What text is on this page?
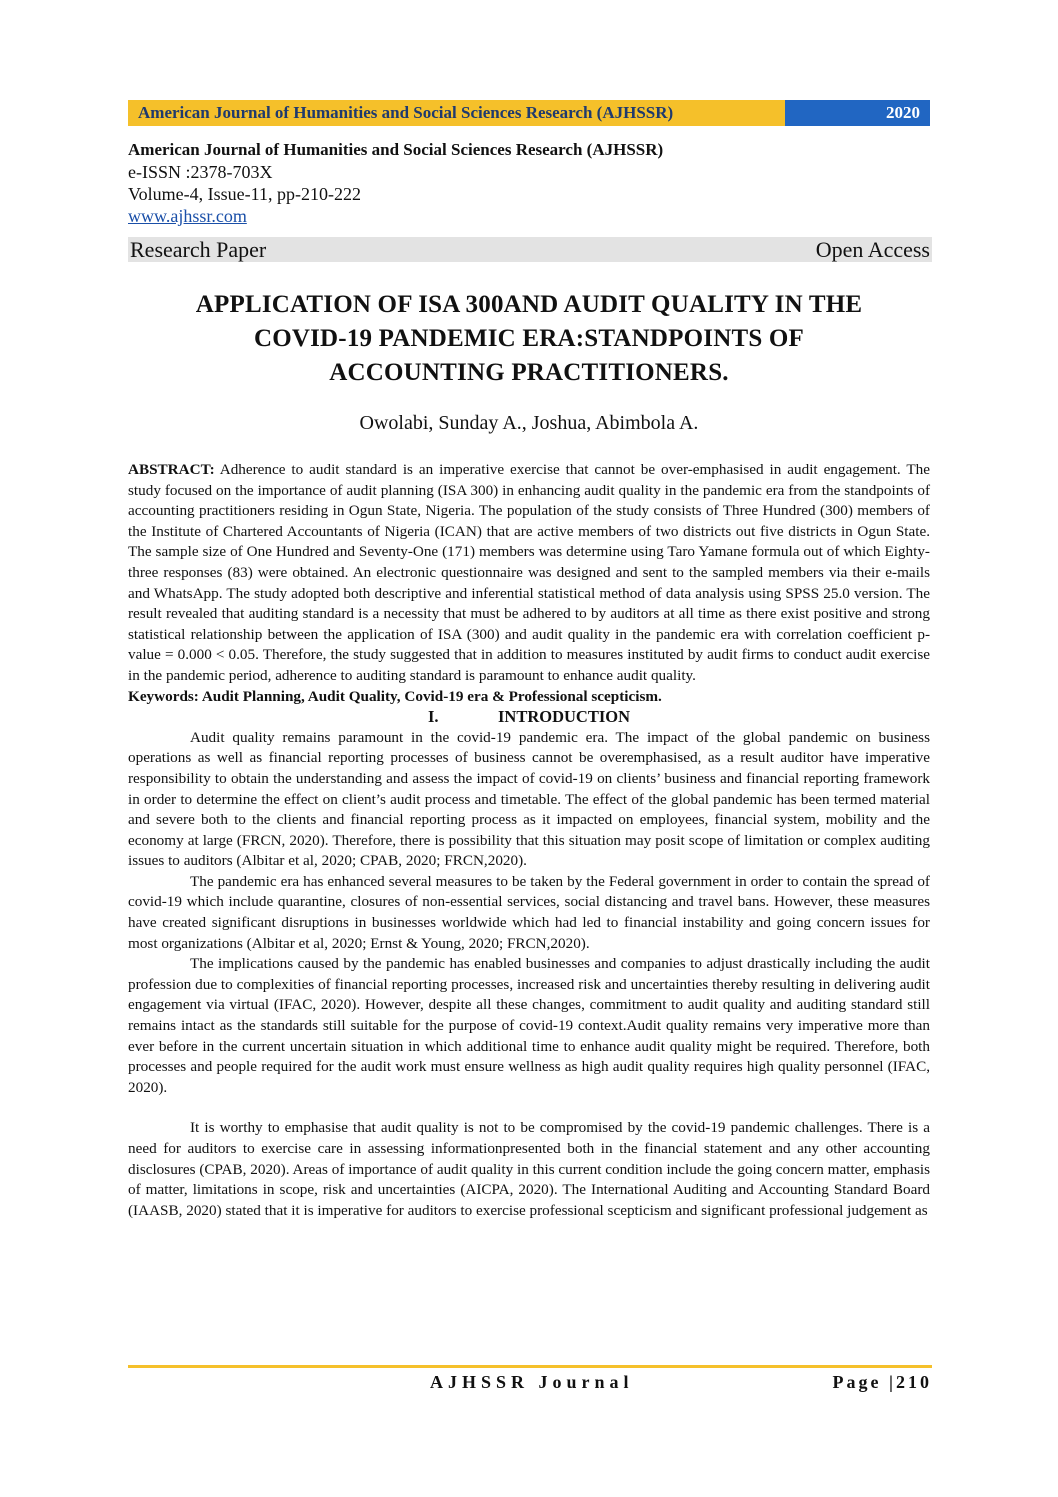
American Journal of Humanities and Social Sciences Research (AJHSSR)	2020
American Journal of Humanities and Social Sciences Research (AJHSSR)
e-ISSN :2378-703X
Volume-4, Issue-11, pp-210-222
www.ajhssr.com
Research Paper	Open Access
APPLICATION OF ISA 300AND AUDIT QUALITY IN THE
COVID-19 PANDEMIC ERA:STANDPOINTS OF
ACCOUNTING PRACTITIONERS.
Owolabi, Sunday A., Joshua, Abimbola A.

ABSTRACT: Adherence to audit standard is an imperative exercise that cannot be over-emphasised in audit engagement. The study focused on the importance of audit planning (ISA 300) in enhancing audit quality in the pandemic era from the standpoints of accounting practitioners residing in Ogun State, Nigeria. The population of the study consists of Three Hundred (300) members of the Institute of Chartered Accountants of Nigeria (ICAN) that are active members of two districts out five districts in Ogun State. The sample size of One Hundred and Seventy-One (171) members was determine using Taro Yamane formula out of which Eighty-three responses (83) were obtained. An electronic questionnaire was designed and sent to the sampled members via their e-mails and WhatsApp. The study adopted both descriptive and inferential statistical method of data analysis using SPSS 25.0 version. The result revealed that auditing standard is a necessity that must be adhered to by auditors at all time as there exist positive and strong statistical relationship between the application of ISA (300) and audit quality in the pandemic era with correlation coefficient p-value = 0.000 < 0.05. Therefore, the study suggested that in addition to measures instituted by audit firms to conduct audit exercise in the pandemic period, adherence to auditing standard is paramount to enhance audit quality.

Keywords: Audit Planning, Audit Quality, Covid-19 era & Professional scepticism.

I.	INTRODUCTION

Audit quality remains paramount in the covid-19 pandemic era. The impact of the global pandemic on business operations as well as financial reporting processes of business cannot be overemphasised, as a result auditor have imperative responsibility to obtain the understanding and assess the impact of covid-19 on clients’ business and financial reporting framework in order to determine the effect on client’s audit process and timetable. The effect of the global pandemic has been termed material and severe both to the clients and financial reporting process as it impacted on employees, financial system, mobility and the economy at large (FRCN, 2020). Therefore, there is possibility that this situation may posit scope of limitation or complex auditing issues to auditors (Albitar et al, 2020; CPAB, 2020; FRCN,2020).

The pandemic era has enhanced several measures to be taken by the Federal government in order to contain the spread of covid-19 which include quarantine, closures of non-essential services, social distancing and travel bans. However, these measures have created significant disruptions in businesses worldwide which had led to financial instability and going concern issues for most organizations (Albitar et al, 2020; Ernst & Young, 2020; FRCN,2020).

The implications caused by the pandemic has enabled businesses and companies to adjust drastically including the audit profession due to complexities of financial reporting processes, increased risk and uncertainties thereby resulting in delivering audit engagement via virtual (IFAC, 2020). However, despite all these changes, commitment to audit quality and auditing standard still remains intact as the standards still suitable for the purpose of covid-19 context.Audit quality remains very imperative more than ever before in the current uncertain situation in which additional time to enhance audit quality might be required. Therefore, both processes and people required for the audit work must ensure wellness as high audit quality requires high quality personnel (IFAC, 2020).

It is worthy to emphasise that audit quality is not to be compromised by the covid-19 pandemic challenges. There is a need for auditors to exercise care in assessing informationpresented both in the financial statement and any other accounting disclosures (CPAB, 2020). Areas of importance of audit quality in this current condition include the going concern matter, emphasis of matter, limitations in scope, risk and uncertainties (AICPA, 2020). The International Auditing and Accounting Standard Board (IAASB, 2020) stated that it is imperative for auditors to exercise professional scepticism and significant professional judgement as

AJHSSR Journal	Page |210
